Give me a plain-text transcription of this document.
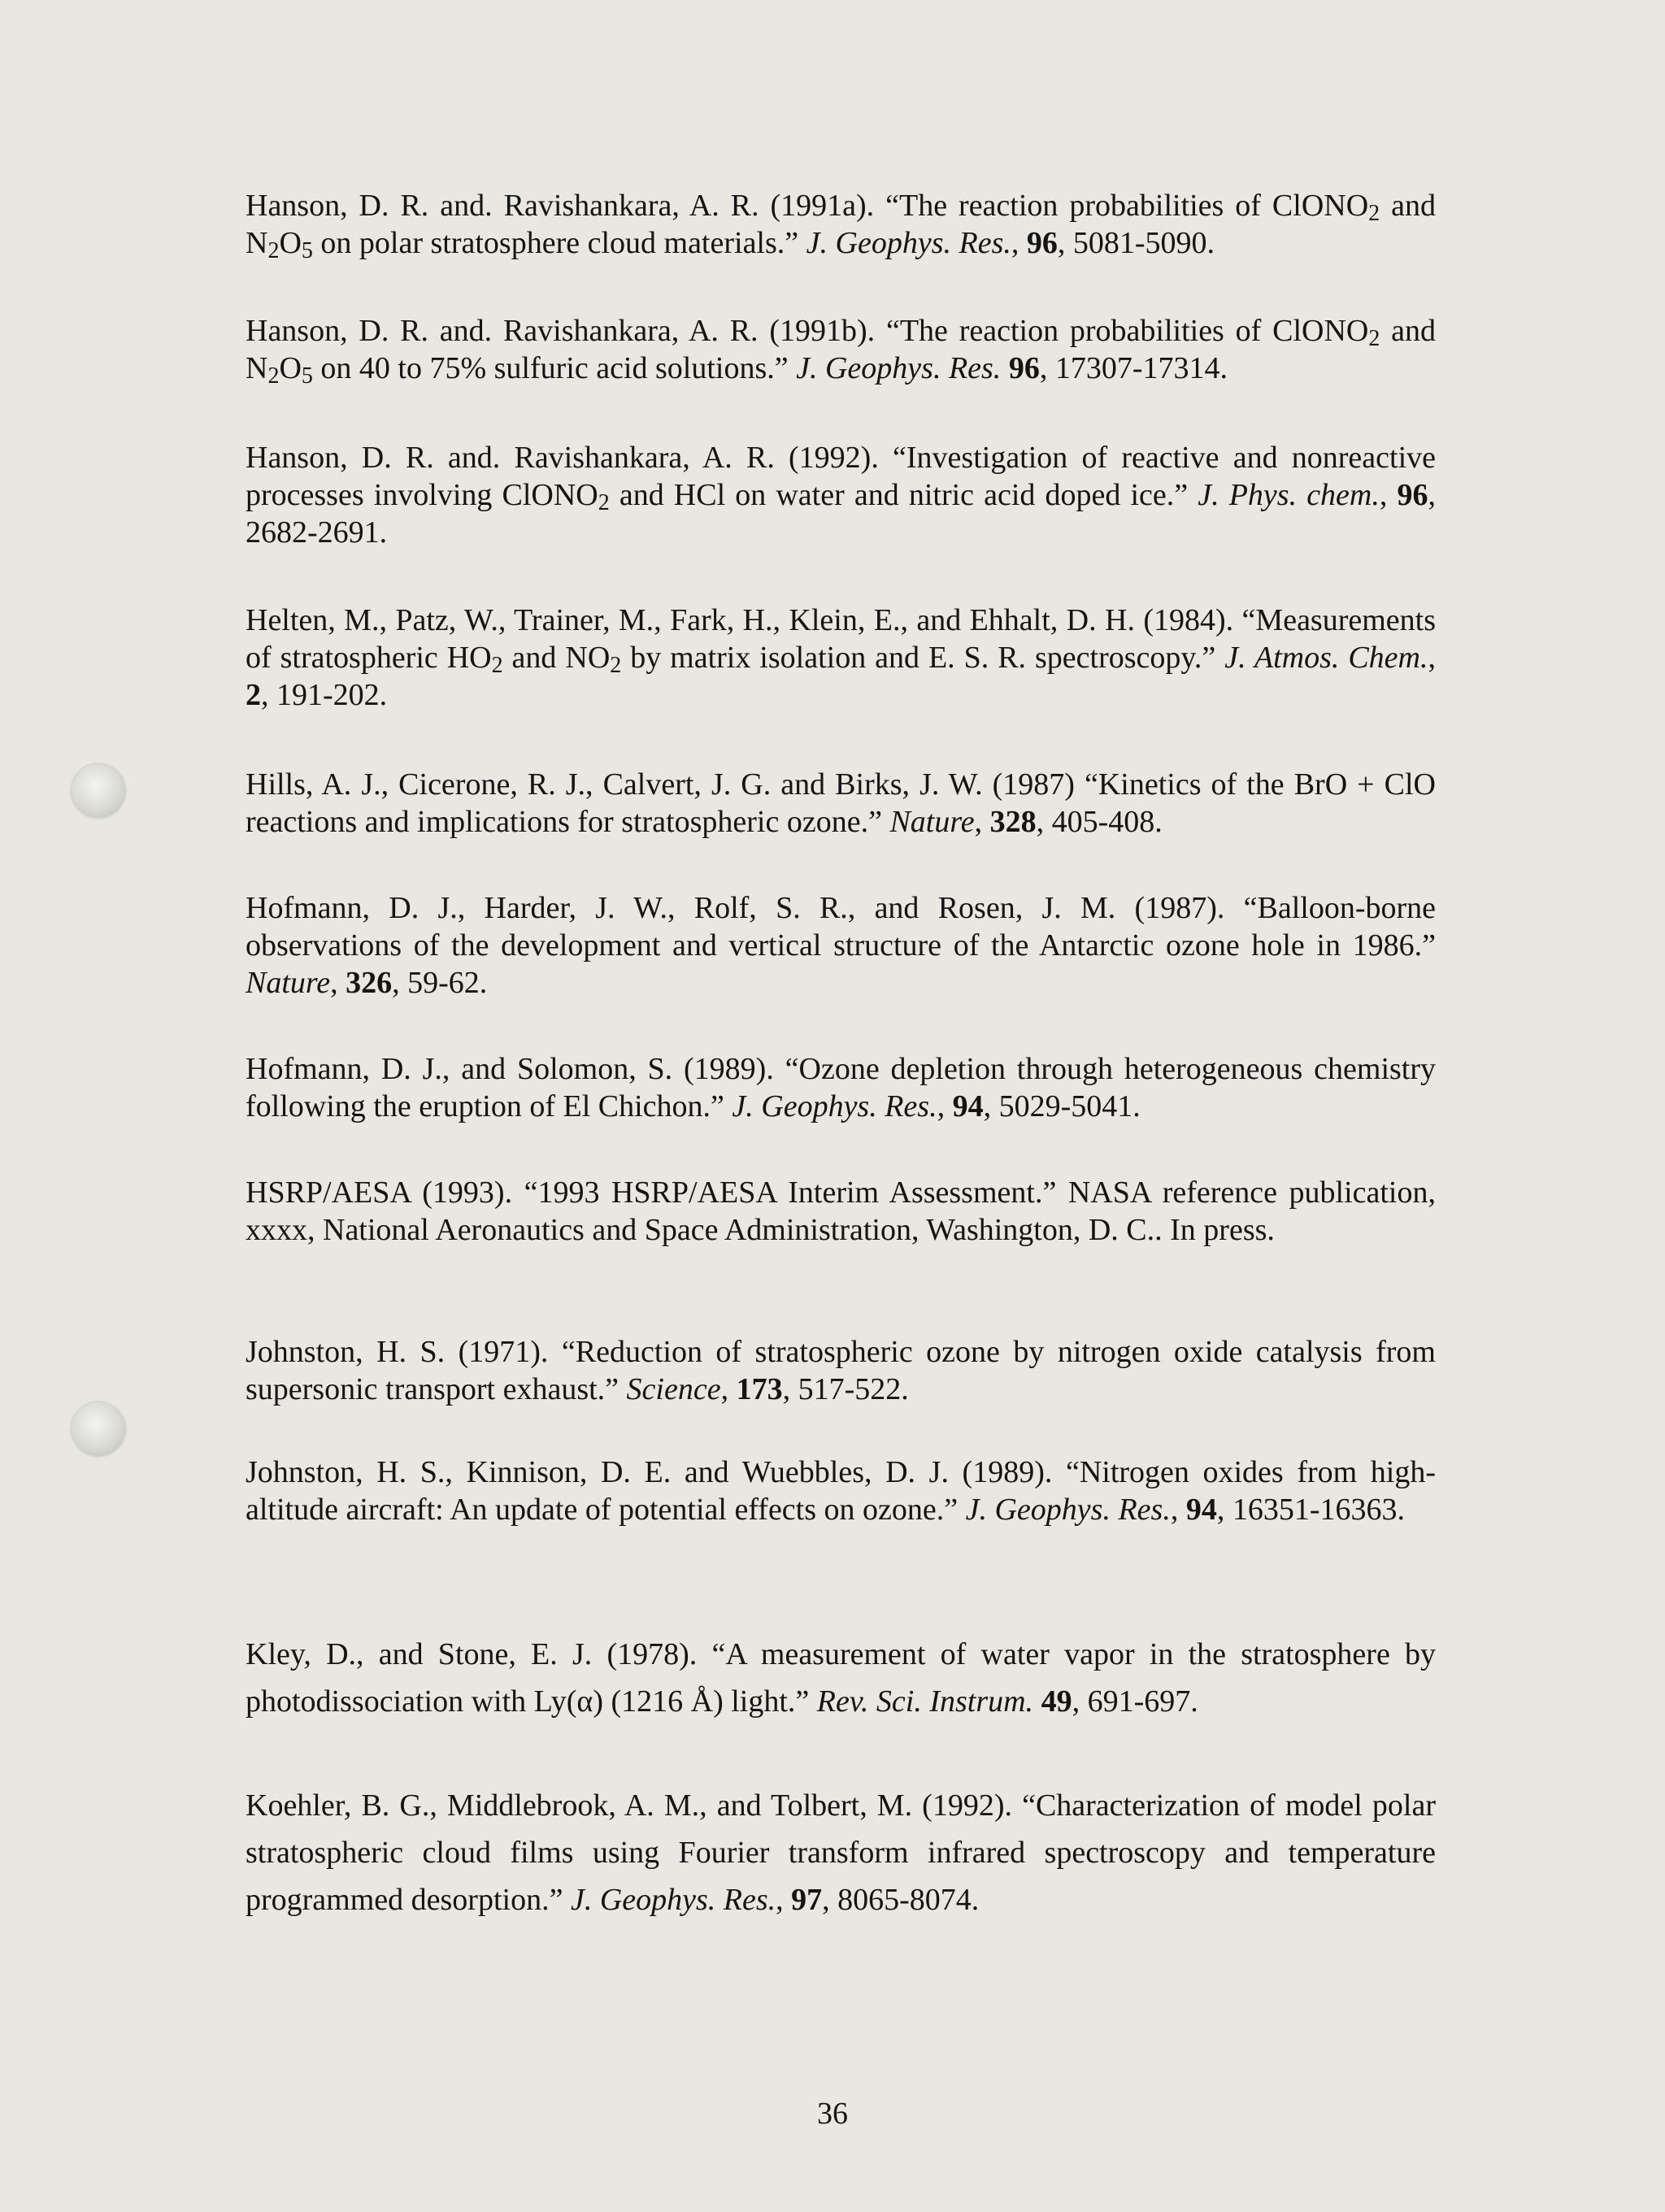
Hanson, D. R. and. Ravishankara, A. R. (1991a). “The reaction probabilities of ClONO$_2$ and $N_2O_5$ on polar stratosphere cloud materials.” J. Geophys. Res., 96, 5081-5090.

Hanson, D. R. and. Ravishankara, A. R. (1991b). “The reaction probabilities of ClONO$_2$ and $N_2O_5$ on 40 to 75% sulfuric acid solutions.” J. Geophys. Res. 96, 17307-17314.

Hanson, D. R. and. Ravishankara, A. R. (1992). “Investigation of reactive and nonreactive processes involving ClONO$_2$ and HCl on water and nitric acid doped ice.” J. Phys. chem., 96, 2682-2691.

Helten, M., Patz, W., Trainer, M., Fark, H., Klein, E., and Ehhalt, D. H. (1984). “Measurements of stratospheric $HO_2$ and $NO_2$ by matrix isolation and E. S. R. spectroscopy.” J. Atmos. Chem., 2, 191-202.

Hills, A. J., Cicerone, R. J., Calvert, J. G. and Birks, J. W. (1987) “Kinetics of the BrO + ClO reactions and implications for stratospheric ozone.” Nature, 328, 405-408.

Hofmann, D. J., Harder, J. W., Rolf, S. R., and Rosen, J. M. (1987). “Balloon-borne observations of the development and vertical structure of the Antarctic ozone hole in 1986.” Nature, 326, 59-62.

Hofmann, D. J., and Solomon, S. (1989). “Ozone depletion through heterogeneous chemistry following the eruption of El Chichon.” J. Geophys. Res., 94, 5029-5041.

HSRP/AESA (1993). “1993 HSRP/AESA Interim Assessment.” NASA reference publication, xxxx, National Aeronautics and Space Administration, Washington, D. C.. In press.

Johnston, H. S. (1971). “Reduction of stratospheric ozone by nitrogen oxide catalysis from supersonic transport exhaust.” Science, 173, 517-522.

Johnston, H. S., Kinnison, D. E. and Wuebbles, D. J. (1989). “Nitrogen oxides from high-altitude aircraft: An update of potential effects on ozone.” J. Geophys. Res., 94, 16351-16363.

Kley, D., and Stone, E. J. (1978). “A measurement of water vapor in the stratosphere by photodissociation with Ly(α) (1216 Å) light.” Rev. Sci. Instrum. 49, 691-697.

Koehler, B. G., Middlebrook, A. M., and Tolbert, M. (1992). “Characterization of model polar stratospheric cloud films using Fourier transform infrared spectroscopy and temperature programmed desorption.” J. Geophys. Res., 97, 8065-8074.

36
